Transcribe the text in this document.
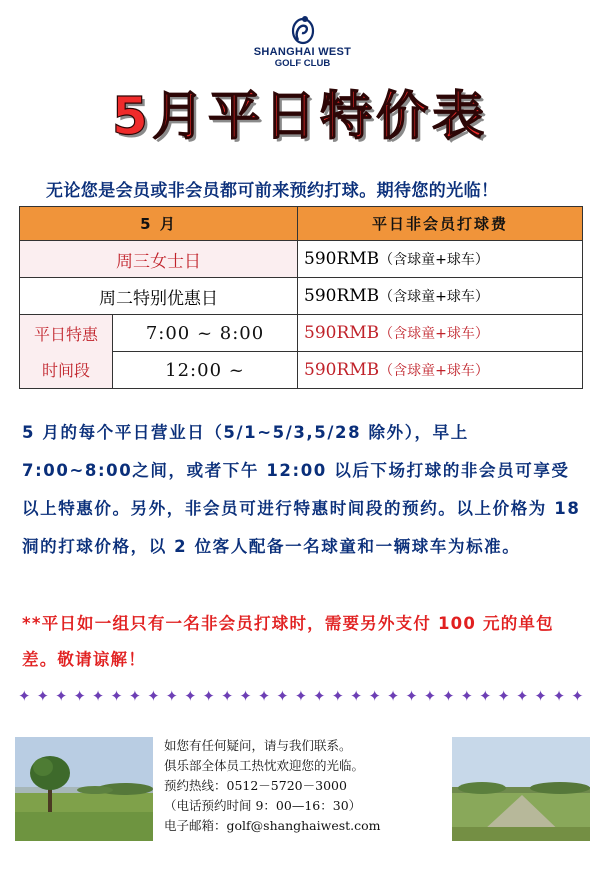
SHANGHAI WEST
GOLF CLUB
5月平日特价表
无论您是会员或非会员都可前来预约打球。期待您的光临！
5 月		平日非会员打球费
周三女士日		590RMB（含球童+球车）
周二特别优惠日		590RMB（含球童+球车）
平日特惠	7:00 ~ 8:00	590RMB（含球童+球车）
时间段	12:00 ~	590RMB（含球童+球车）
5 月的每个平日营业日（5/1~5/3,5/28 除外），早上 7:00~8:00之间，或者下午 12:00 以后下场打球的非会员可享受以上特惠价。另外，非会员可进行特惠时间段的预约。以上价格为 18 洞的打球价格，以 2 位客人配备一名球童和一辆球车为标准。
**平日如一组只有一名非会员打球时，需要另外支付 100 元的单包差。敬请谅解！
✦ ✦ ✦ ✦ ✦ ✦ ✦ ✦ ✦ ✦ ✦ ✦ ✦ ✦ ✦ ✦ ✦ ✦ ✦ ✦ ✦ ✦ ✦ ✦ ✦ ✦ ✦ ✦ ✦ ✦ ✦
如您有任何疑问，请与我们联系。
俱乐部全体员工热忱欢迎您的光临。
预约热线：0512－5720－3000
（电话预约时间 9：00—16：30）
电子邮箱：golf@shanghaiwest.com
